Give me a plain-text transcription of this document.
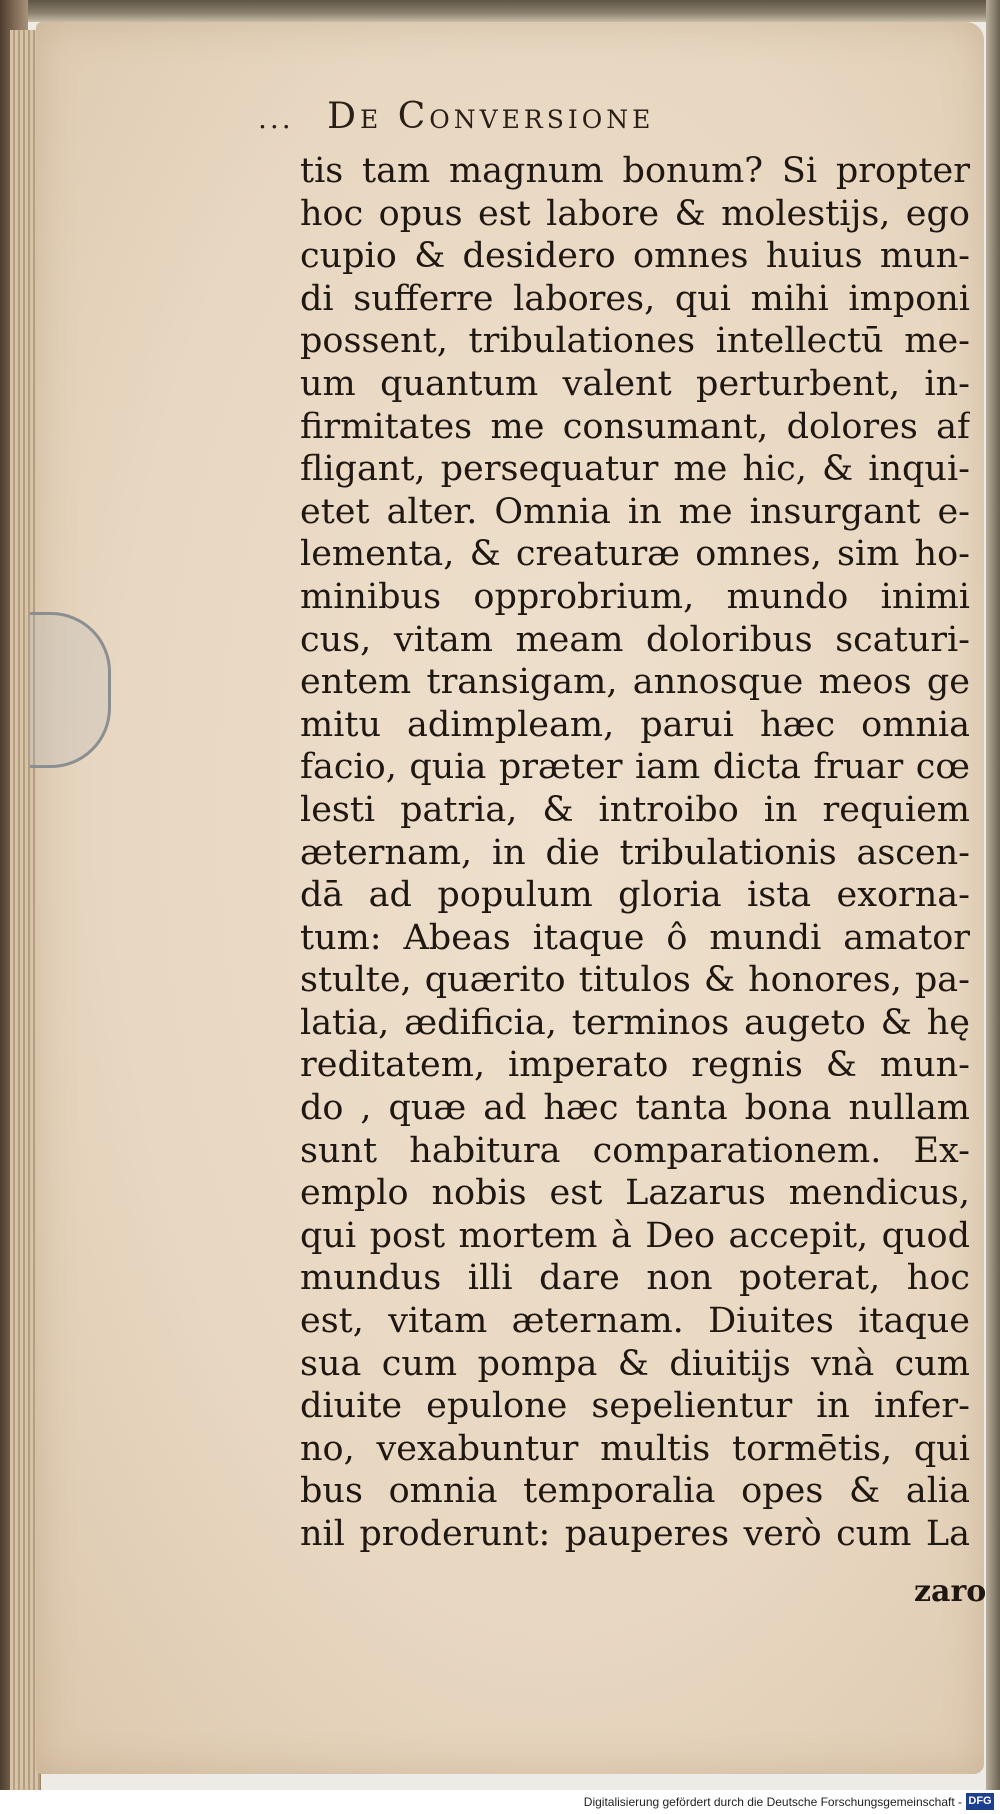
... De Conversione
tis tam magnum bonum? Si propter
hoc opus est labore & molestijs, ego
cupio & desidero omnes huius mun-
di sufferre labores, qui mihi imponi
possent, tribulationes intellectū me-
um quantum valent perturbent, in-
firmitates me consumant, dolores af
fligant, persequatur me hic, & inqui-
etet alter. Omnia in me insurgant e-
lementa, & creaturæ omnes, sim ho-
minibus opprobrium, mundo inimi
cus, vitam meam doloribus scaturi-
entem transigam, annosque meos ge
mitu adimpleam, parui hæc omnia
facio, quia præter iam dicta fruar cœ
lesti patria, & introibo in requiem
æternam, in die tribulationis ascen-
dā ad populum gloria ista exorna-
tum: Abeas itaque ô mundi amator
stulte, quærito titulos & honores, pa-
latia, ædificia, terminos augeto & hę
reditatem, imperato regnis & mun-
do , quæ ad hæc tanta bona nullam
sunt habitura comparationem. Ex-
emplo nobis est Lazarus mendicus,
qui post mortem à Deo accepit, quod
mundus illi dare non poterat, hoc
est, vitam æternam. Diuites itaque
sua cum pompa & diuitijs vnà cum
diuite epulone sepelientur in infer-
no, vexabuntur multis tormētis, qui
bus omnia temporalia opes & alia
nil proderunt: pauperes verò cum La
zaro
Digitalisierung gefördert durch die Deutsche Forschungsgemeinschaft - DFG
